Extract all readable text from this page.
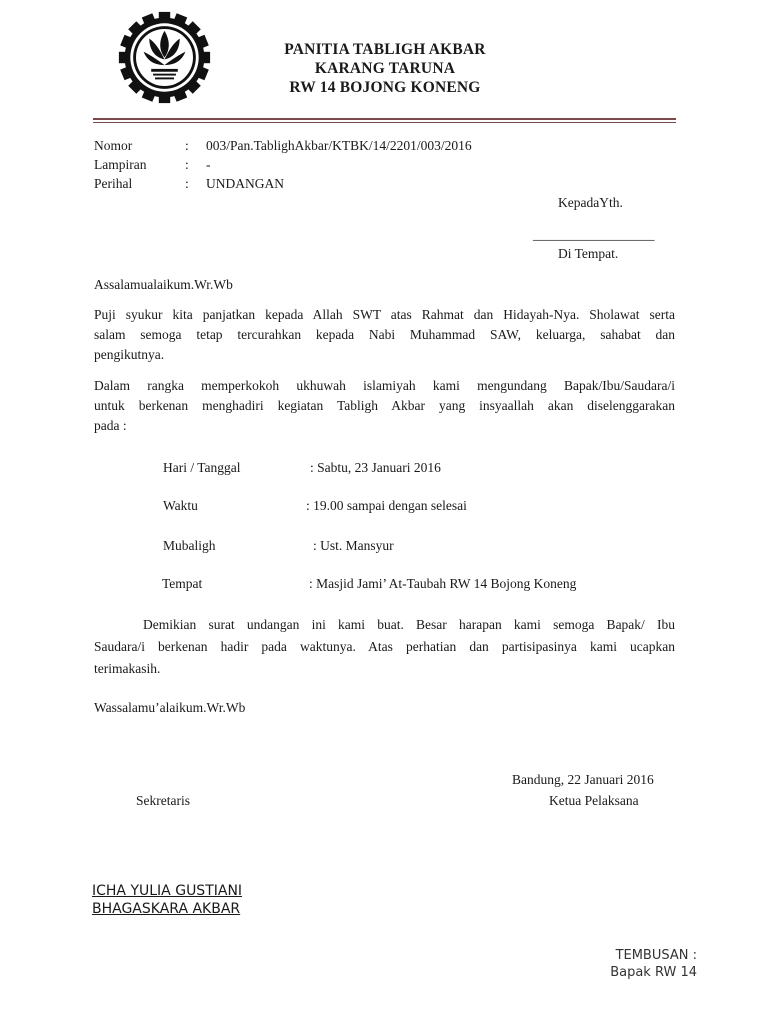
PANITIA TABLIGH AKBAR
KARANG TARUNA
RW 14 BOJONG KONENG
Nomor	: 003/Pan.TablighAkbar/KTBK/14/2201/003/2016
Lampiran	: -
Perihal	: UNDANGAN
KepadaYth.
__________________
Di Tempat.
Assalamualaikum.Wr.Wb
Puji syukur kita panjatkan kepada Allah SWT atas Rahmat dan Hidayah-Nya. Sholawat serta
salam semoga tetap tercurahkan kepada Nabi Muhammad SAW, keluarga, sahabat dan
pengikutnya.
Dalam rangka memperkokoh ukhuwah islamiyah kami mengundang Bapak/Ibu/Saudara/i
untuk berkenan menghadiri kegiatan Tabligh Akbar yang insyaallah akan diselenggarakan
pada :
Hari / Tanggal	: Sabtu, 23 Januari 2016
Waktu	: 19.00 sampai dengan selesai
Mubaligh	: Ust. Mansyur
Tempat	: Masjid Jami’ At-Taubah RW 14 Bojong Koneng
Demikian surat undangan ini kami buat. Besar harapan kami semoga Bapak/ Ibu
Saudara/i berkenan hadir pada waktunya. Atas perhatian dan partisipasinya kami ucapkan
terimakasih.
Wassalamu’alaikum.Wr.Wb
Bandung, 22 Januari 2016
Sekretaris	Ketua Pelaksana
ICHA YULIA GUSTIANI
BHAGASKARA AKBAR
TEMBUSAN :
Bapak RW 14
